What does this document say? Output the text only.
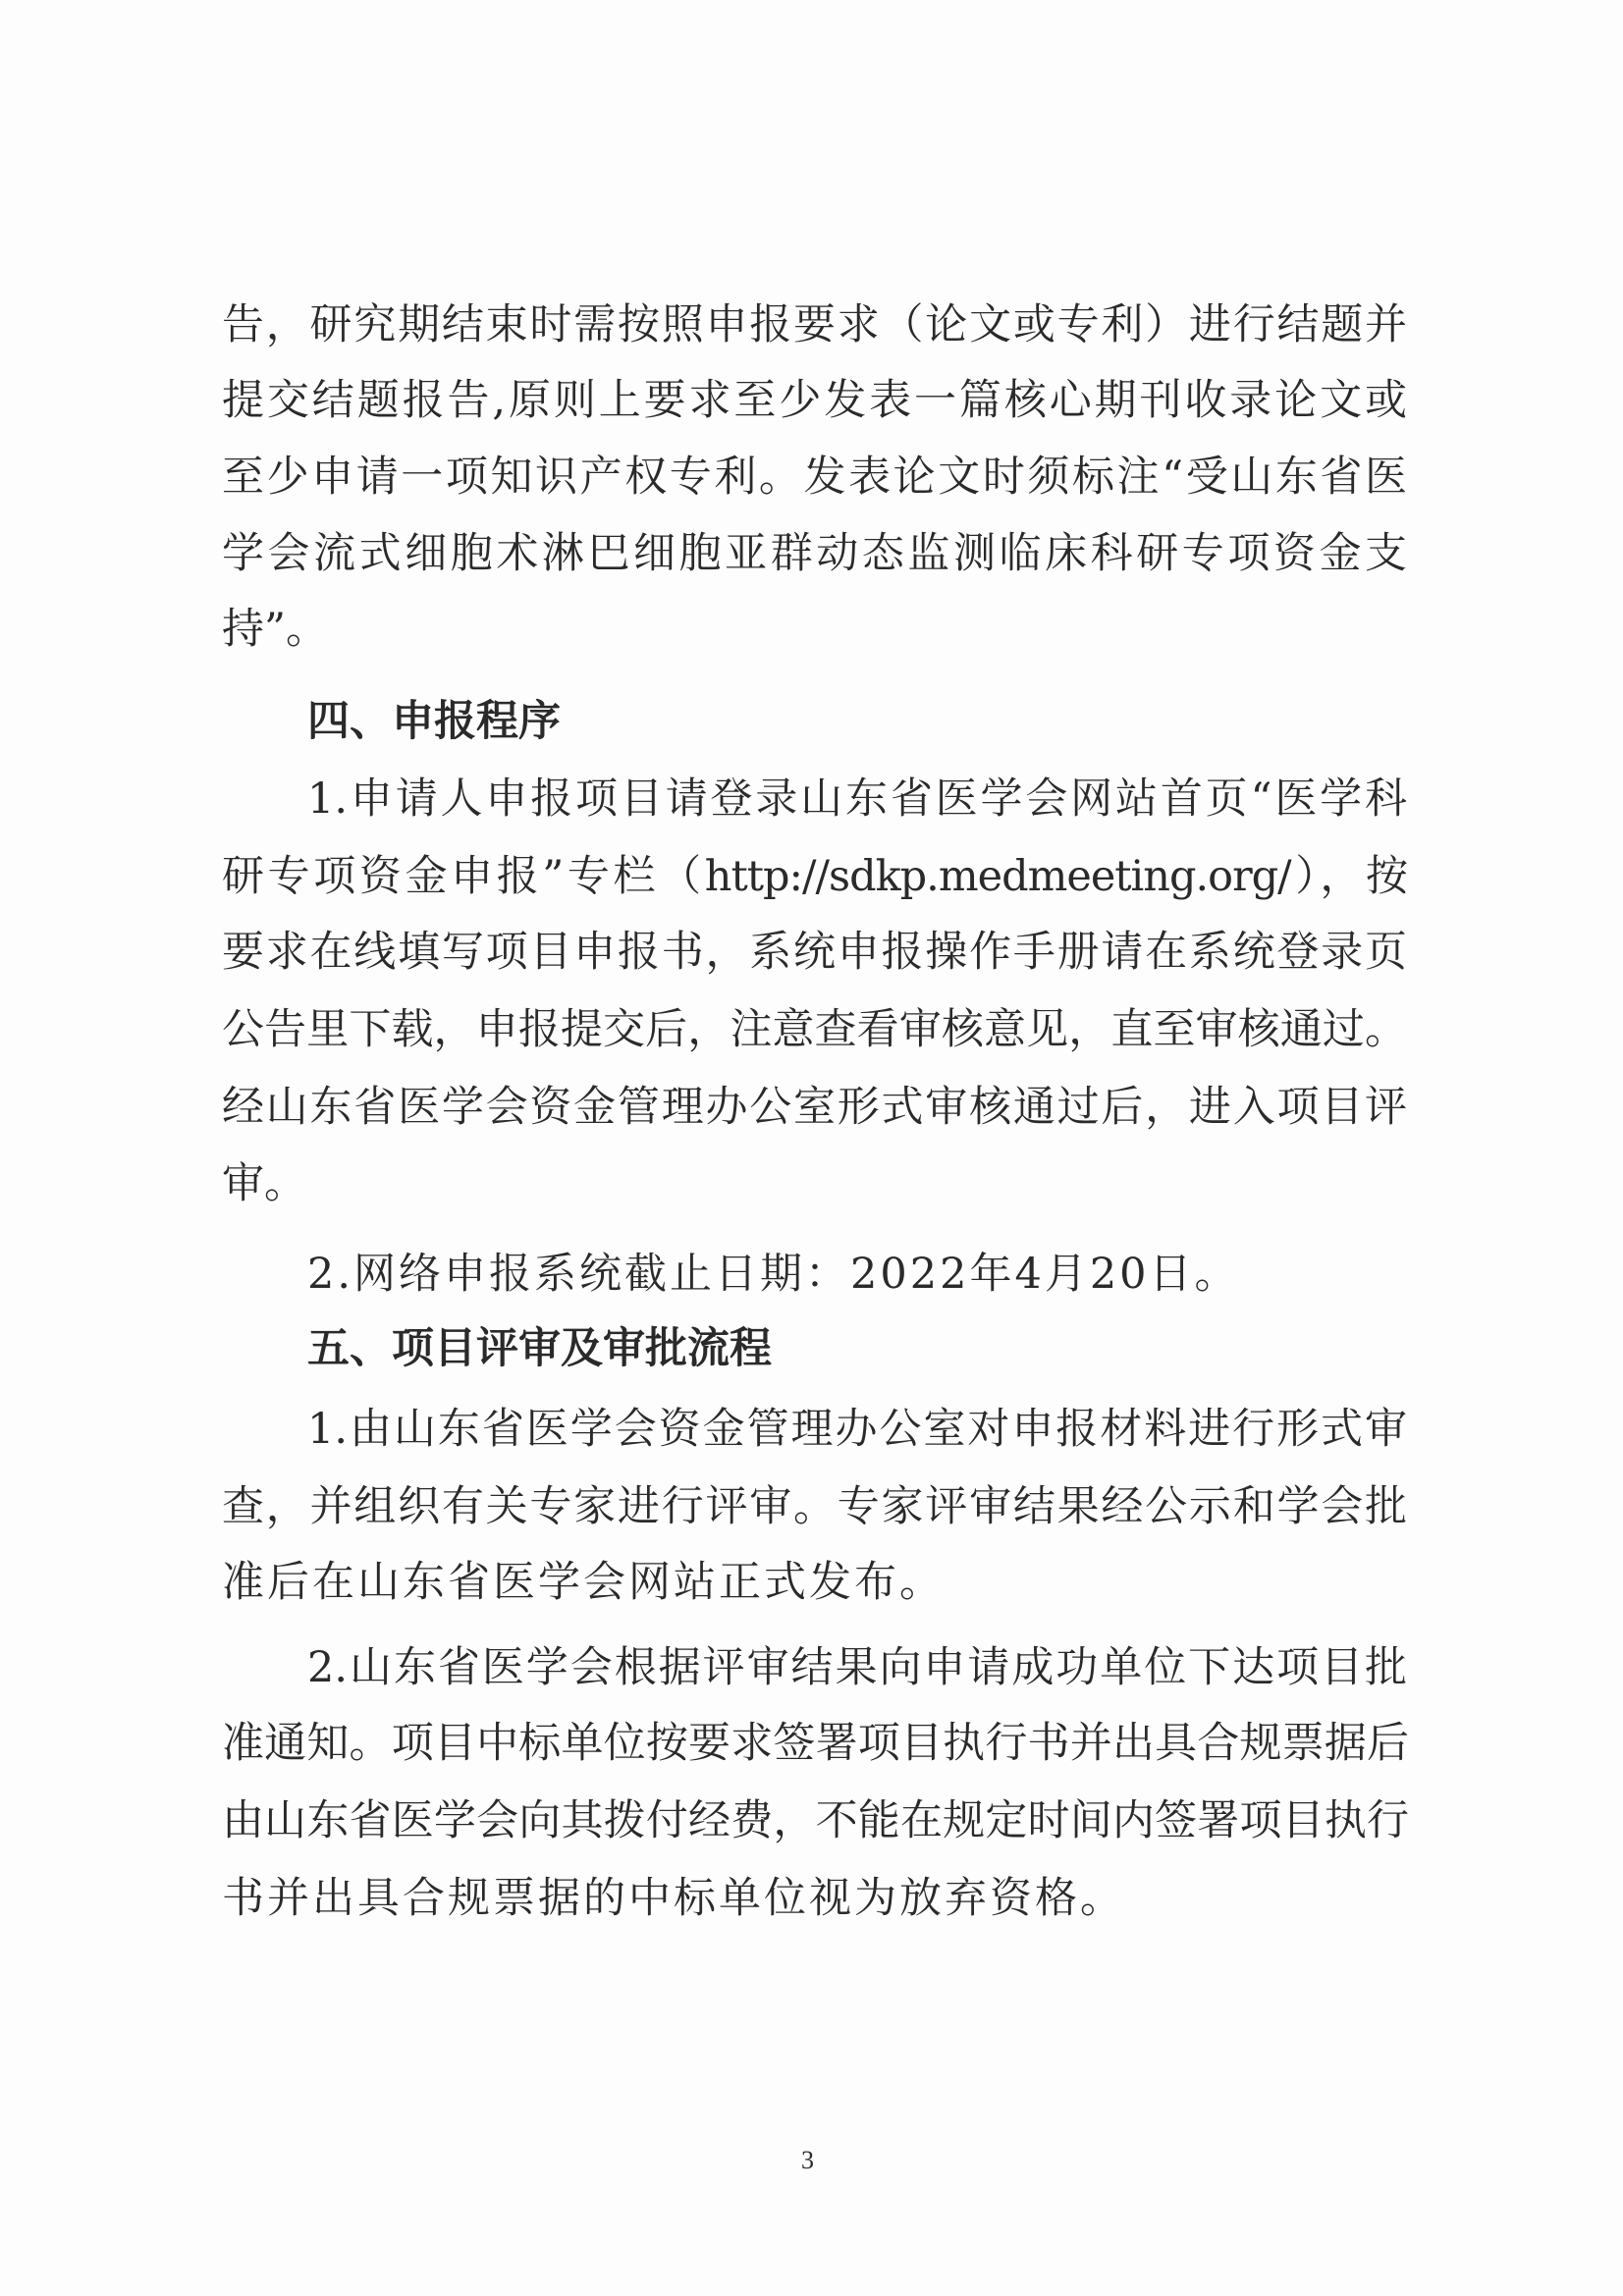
告，研究期结束时需按照申报要求（论文或专利）进行结题并
提交结题报告,原则上要求至少发表一篇核心期刊收录论文或
至少申请一项知识产权专利。发表论文时须标注“受山东省医
学会流式细胞术淋巴细胞亚群动态监测临床科研专项资金支
持”。
四、申报程序
1.申请人申报项目请登录山东省医学会网站首页“医学科
研专项资金申报”专栏（http://sdkp.medmeeting.org/），按
要求在线填写项目申报书，系统申报操作手册请在系统登录页
公告里下载，申报提交后，注意查看审核意见，直至审核通过。
经山东省医学会资金管理办公室形式审核通过后，进入项目评
审。
2.网络申报系统截止日期：2022年4月20日。
五、项目评审及审批流程
1.由山东省医学会资金管理办公室对申报材料进行形式审
查，并组织有关专家进行评审。专家评审结果经公示和学会批
准后在山东省医学会网站正式发布。
2.山东省医学会根据评审结果向申请成功单位下达项目批
准通知。项目中标单位按要求签署项目执行书并出具合规票据后
由山东省医学会向其拨付经费，不能在规定时间内签署项目执行
书并出具合规票据的中标单位视为放弃资格。
3
